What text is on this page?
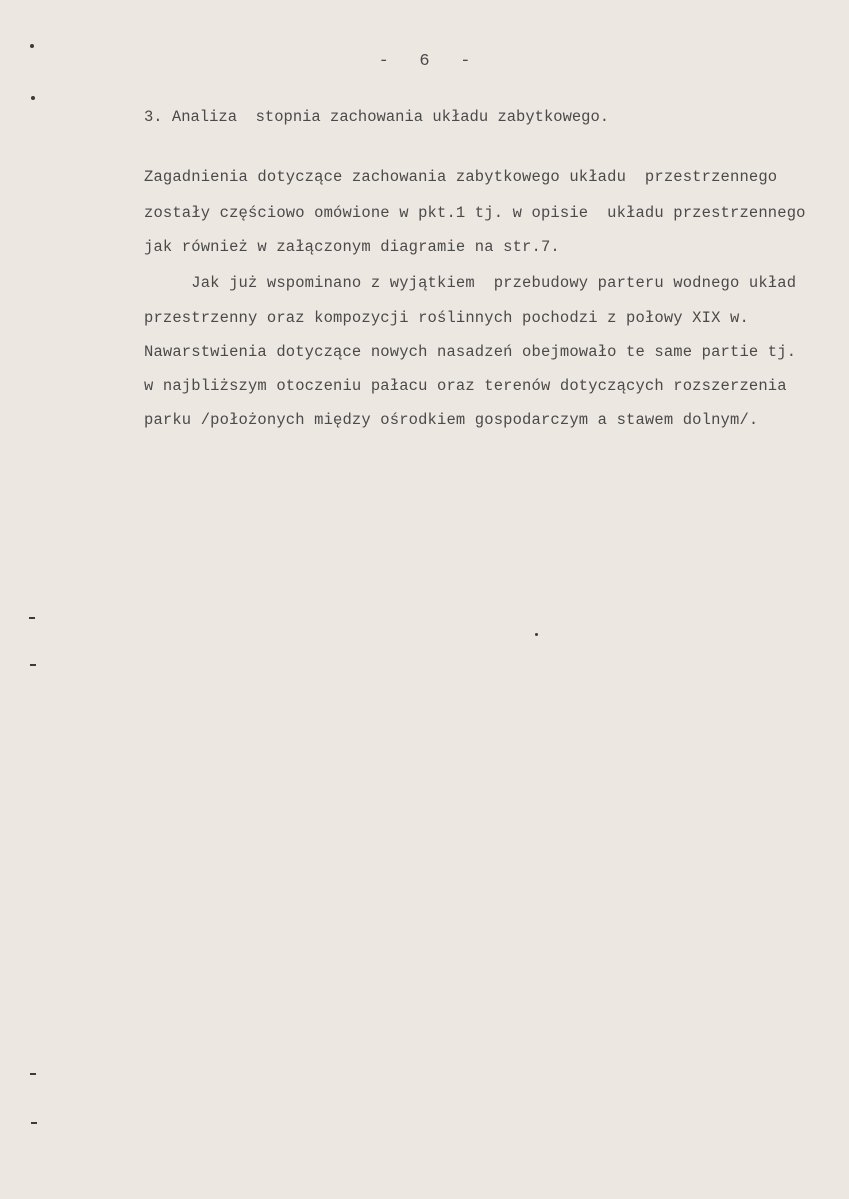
-   6   -
3. Analiza  stopnia zachowania układu zabytkowego.
Zagadnienia dotyczące zachowania zabytkowego układu  przestrzennego
zostały częściowo omówione w pkt.1 tj. w opisie  układu przestrzennego
jak również w załączonym diagramie na str.7.
Jak już wspominano z wyjątkiem  przebudowy parteru wodnego układ
przestrzenny oraz kompozycji roślinnych pochodzi z połowy XIX w.
Nawarstwienia dotyczące nowych nasadzeń obejmowało te same partie tj.
w najbliższym otoczeniu pałacu oraz terenów dotyczących rozszerzenia
parku /położonych między ośrodkiem gospodarczym a stawem dolnym/.
